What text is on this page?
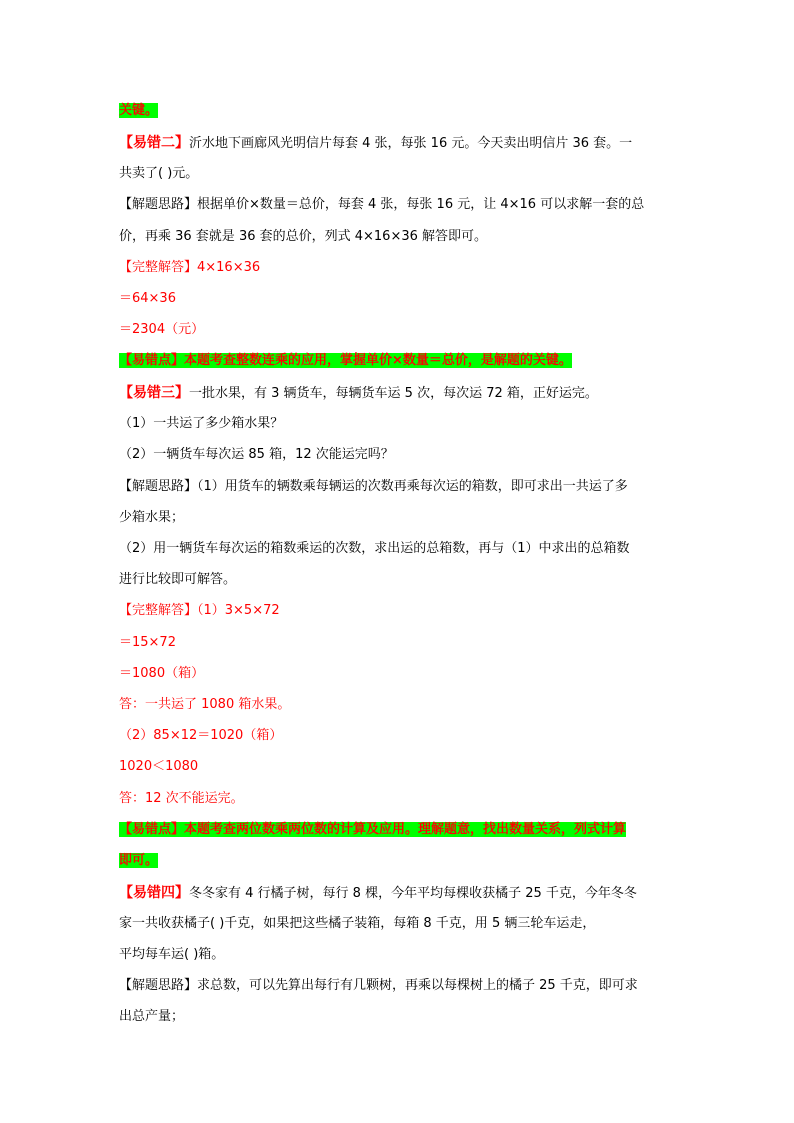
关键。
【易错二】沂水地下画廊风光明信片每套 4 张，每张 16 元。今天卖出明信片 36 套。一
共卖了( )元。
【解题思路】根据单价×数量＝总价，每套 4 张，每张 16 元，让 4×16 可以求解一套的总
价，再乘 36 套就是 36 套的总价，列式 4×16×36 解答即可。
【完整解答】4×16×36
＝64×36
＝2304（元）
【易错点】本题考查整数连乘的应用，掌握单价×数量＝总价，是解题的关键。
【易错三】一批水果，有 3 辆货车，每辆货车运 5 次，每次运 72 箱，正好运完。
（1）一共运了多少箱水果？
（2）一辆货车每次运 85 箱，12 次能运完吗？
【解题思路】（1）用货车的辆数乘每辆运的次数再乘每次运的箱数，即可求出一共运了多
少箱水果；
（2）用一辆货车每次运的箱数乘运的次数，求出运的总箱数，再与（1）中求出的总箱数
进行比较即可解答。
【完整解答】（1）3×5×72
＝15×72
＝1080（箱）
答：一共运了 1080 箱水果。
（2）85×12＝1020（箱）
1020＜1080
答：12 次不能运完。
【易错点】本题考查两位数乘两位数的计算及应用。理解题意，找出数量关系，列式计算
即可。
【易错四】冬冬家有 4 行橘子树，每行 8 棵，今年平均每棵收获橘子 25 千克，今年冬冬
家一共收获橘子( )千克，如果把这些橘子装箱，每箱 8 千克，用 5 辆三轮车运走，
平均每车运( )箱。
【解题思路】求总数，可以先算出每行有几颗树，再乘以每棵树上的橘子 25 千克，即可求
出总产量；
